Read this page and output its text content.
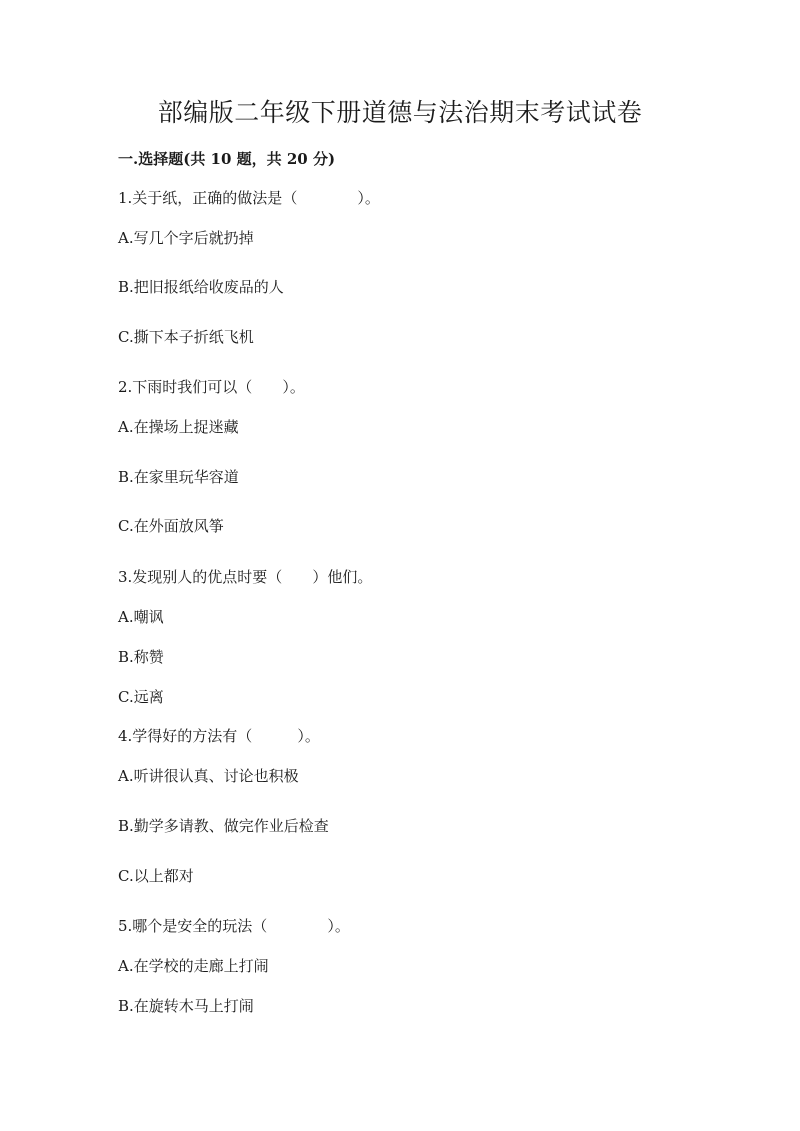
部编版二年级下册道德与法治期末考试试卷
一.选择题(共 10 题，共 20 分)
1.关于纸，正确的做法是（　　　　）。
A.写几个字后就扔掉
B.把旧报纸给收废品的人
C.撕下本子折纸飞机
2.下雨时我们可以（　　）。
A.在操场上捉迷藏
B.在家里玩华容道
C.在外面放风筝
3.发现别人的优点时要（　　）他们。
A.嘲讽
B.称赞
C.远离
4.学得好的方法有（　　　）。
A.听讲很认真、讨论也积极
B.勤学多请教、做完作业后检查
C.以上都对
5.哪个是安全的玩法（　　　　）。
A.在学校的走廊上打闹
B.在旋转木马上打闹
